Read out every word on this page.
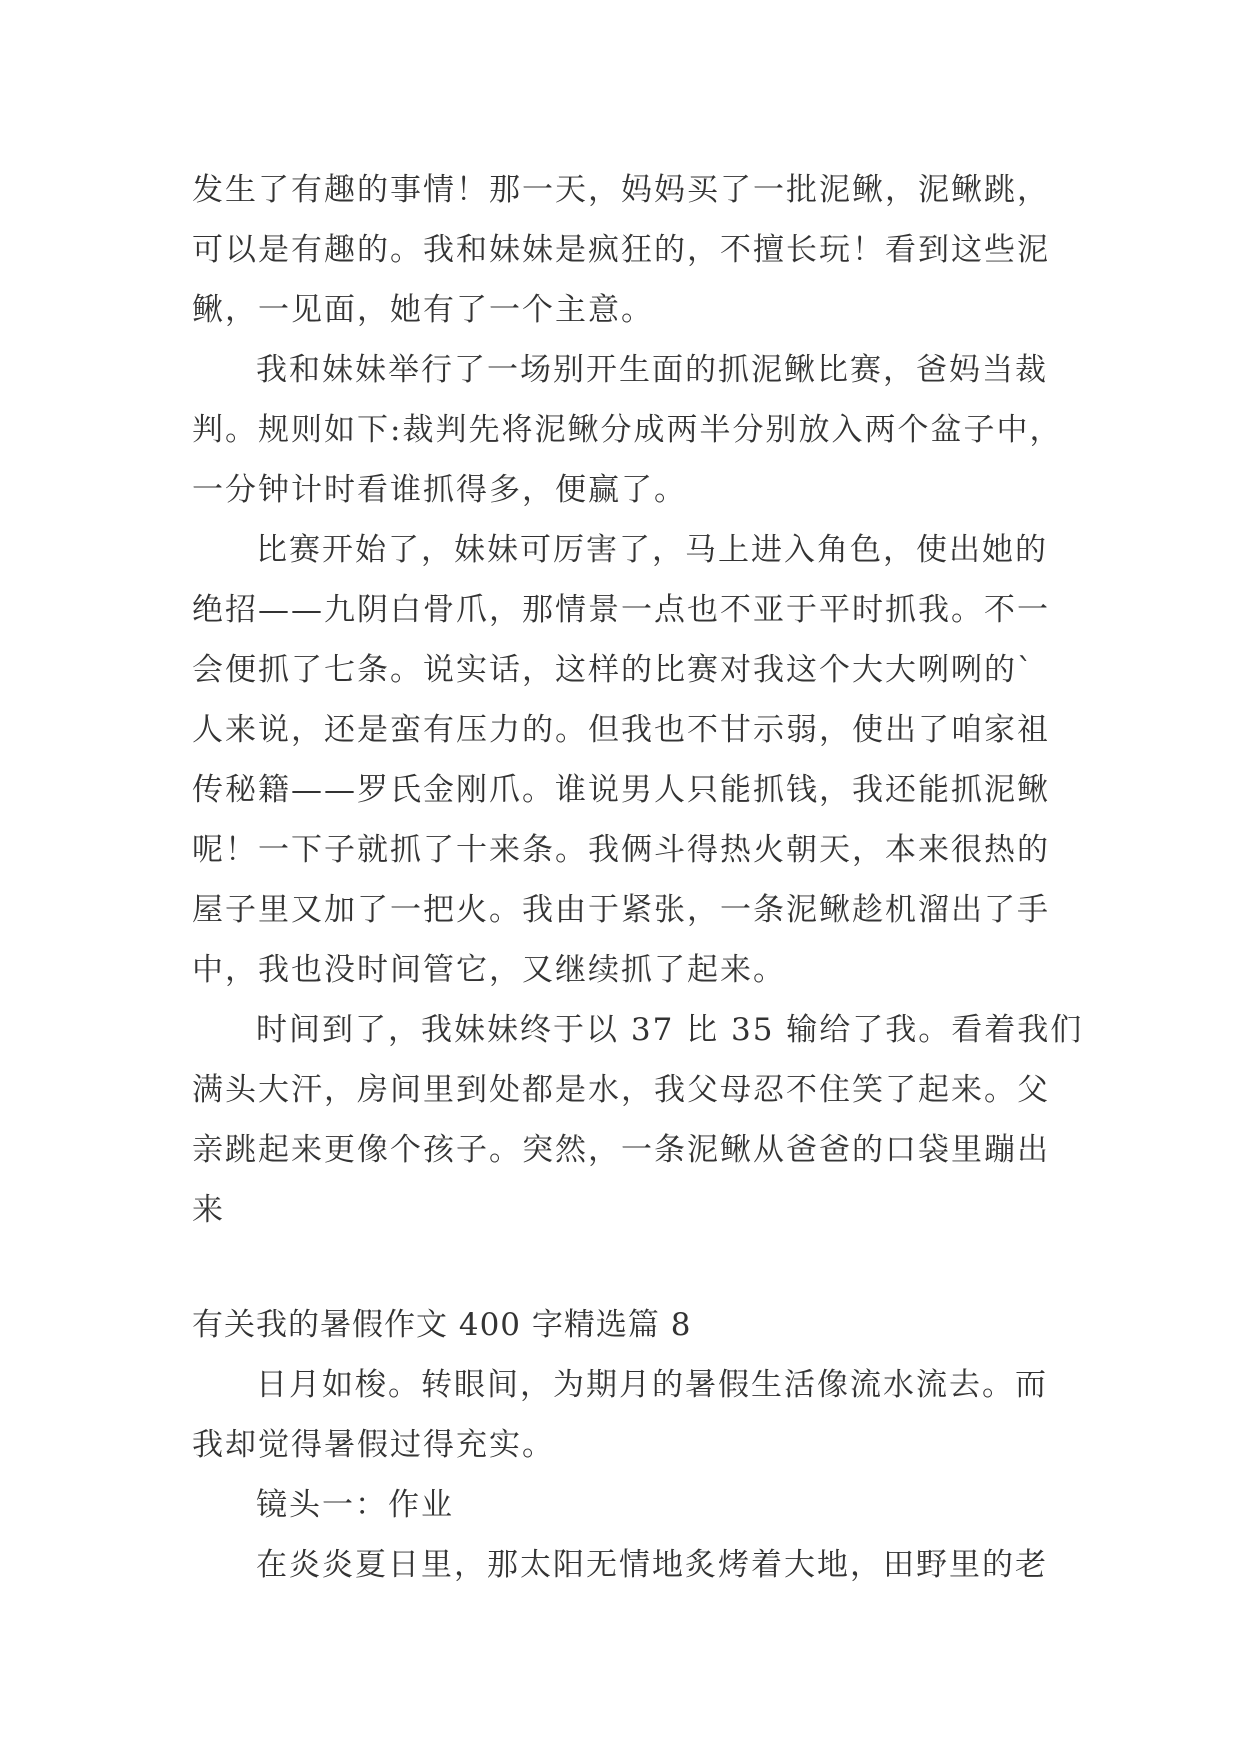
发生了有趣的事情！那一天，妈妈买了一批泥鳅，泥鳅跳，
可以是有趣的。我和妹妹是疯狂的，不擅长玩！看到这些泥
鳅，一见面，她有了一个主意。
我和妹妹举行了一场别开生面的抓泥鳅比赛，爸妈当裁
判。规则如下:裁判先将泥鳅分成两半分别放入两个盆子中，
一分钟计时看谁抓得多，便赢了。
比赛开始了，妹妹可厉害了，马上进入角色，使出她的
绝招——九阴白骨爪，那情景一点也不亚于平时抓我。不一
会便抓了七条。说实话，这样的比赛对我这个大大咧咧的`
人来说，还是蛮有压力的。但我也不甘示弱，使出了咱家祖
传秘籍——罗氏金刚爪。谁说男人只能抓钱，我还能抓泥鳅
呢！一下子就抓了十来条。我俩斗得热火朝天，本来很热的
屋子里又加了一把火。我由于紧张，一条泥鳅趁机溜出了手
中，我也没时间管它，又继续抓了起来。
时间到了，我妹妹终于以 37 比 35 输给了我。看着我们
满头大汗，房间里到处都是水，我父母忍不住笑了起来。父
亲跳起来更像个孩子。突然，一条泥鳅从爸爸的口袋里蹦出
来
有关我的暑假作文 400 字精选篇 8
日月如梭。转眼间，为期月的暑假生活像流水流去。而
我却觉得暑假过得充实。
镜头一：作业
在炎炎夏日里，那太阳无情地炙烤着大地，田野里的老
